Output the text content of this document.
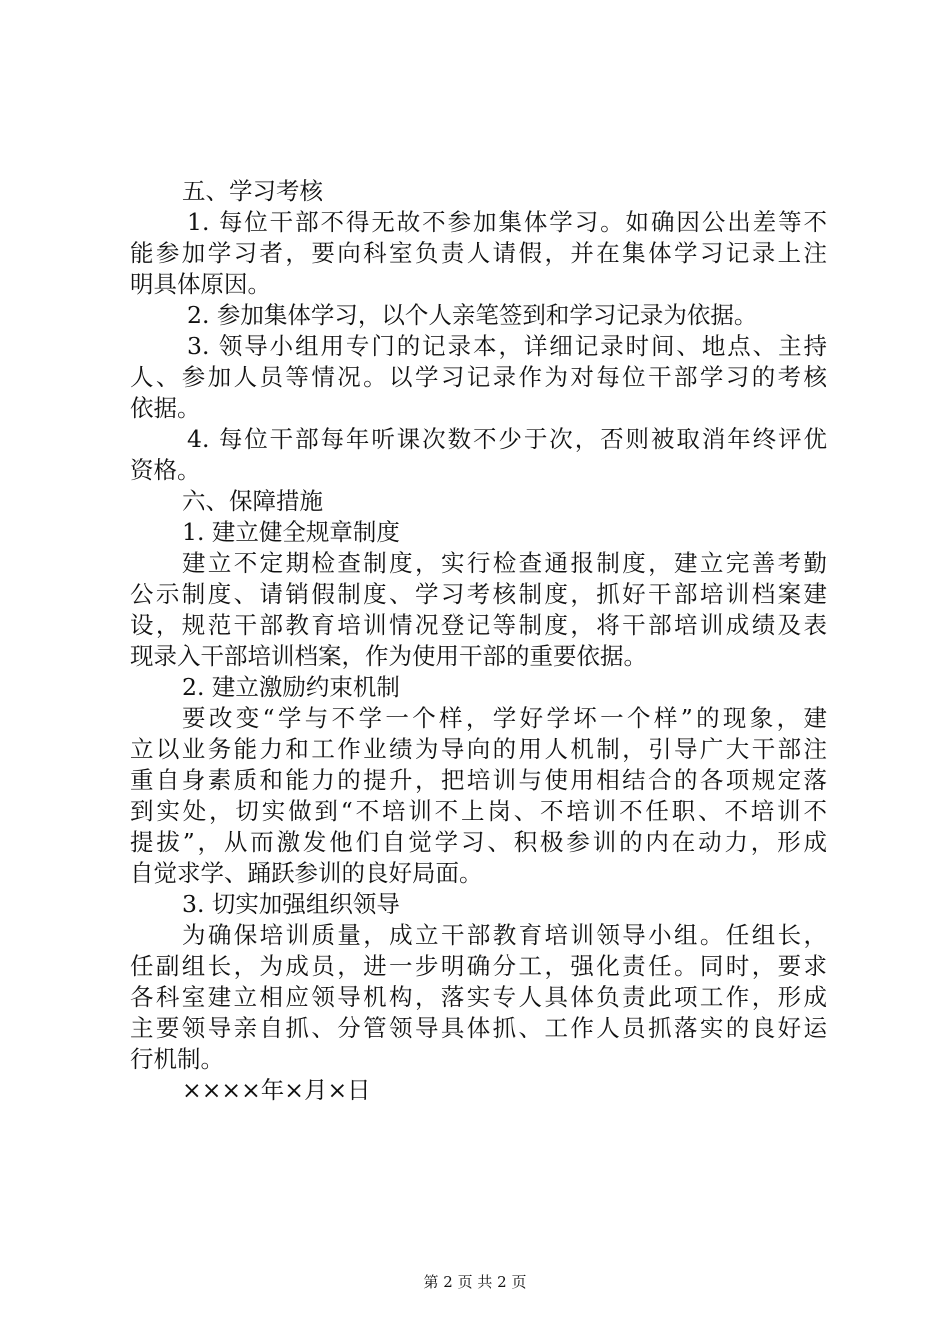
五、学习考核
1. 每位干部不得无故不参加集体学习。如确因公出差等不
能参加学习者，要向科室负责人请假，并在集体学习记录上注
明具体原因。
2. 参加集体学习，以个人亲笔签到和学习记录为依据。
3. 领导小组用专门的记录本，详细记录时间、地点、主持
人、参加人员等情况。以学习记录作为对每位干部学习的考核
依据。
4. 每位干部每年听课次数不少于次，否则被取消年终评优
资格。
六、保障措施
1. 建立健全规章制度
建立不定期检查制度，实行检查通报制度，建立完善考勤
公示制度、请销假制度、学习考核制度，抓好干部培训档案建
设，规范干部教育培训情况登记等制度，将干部培训成绩及表
现录入干部培训档案，作为使用干部的重要依据。
2. 建立激励约束机制
要改变“学与不学一个样，学好学坏一个样”的现象，建
立以业务能力和工作业绩为导向的用人机制，引导广大干部注
重自身素质和能力的提升，把培训与使用相结合的各项规定落
到实处，切实做到“不培训不上岗、不培训不任职、不培训不
提拔”，从而激发他们自觉学习、积极参训的内在动力，形成
自觉求学、踊跃参训的良好局面。
3. 切实加强组织领导
为确保培训质量，成立干部教育培训领导小组。任组长，
任副组长，为成员，进一步明确分工，强化责任。同时，要求
各科室建立相应领导机构，落实专人具体负责此项工作，形成
主要领导亲自抓、分管领导具体抓、工作人员抓落实的良好运
行机制。
××××年×月×日
第 2 页 共 2 页
